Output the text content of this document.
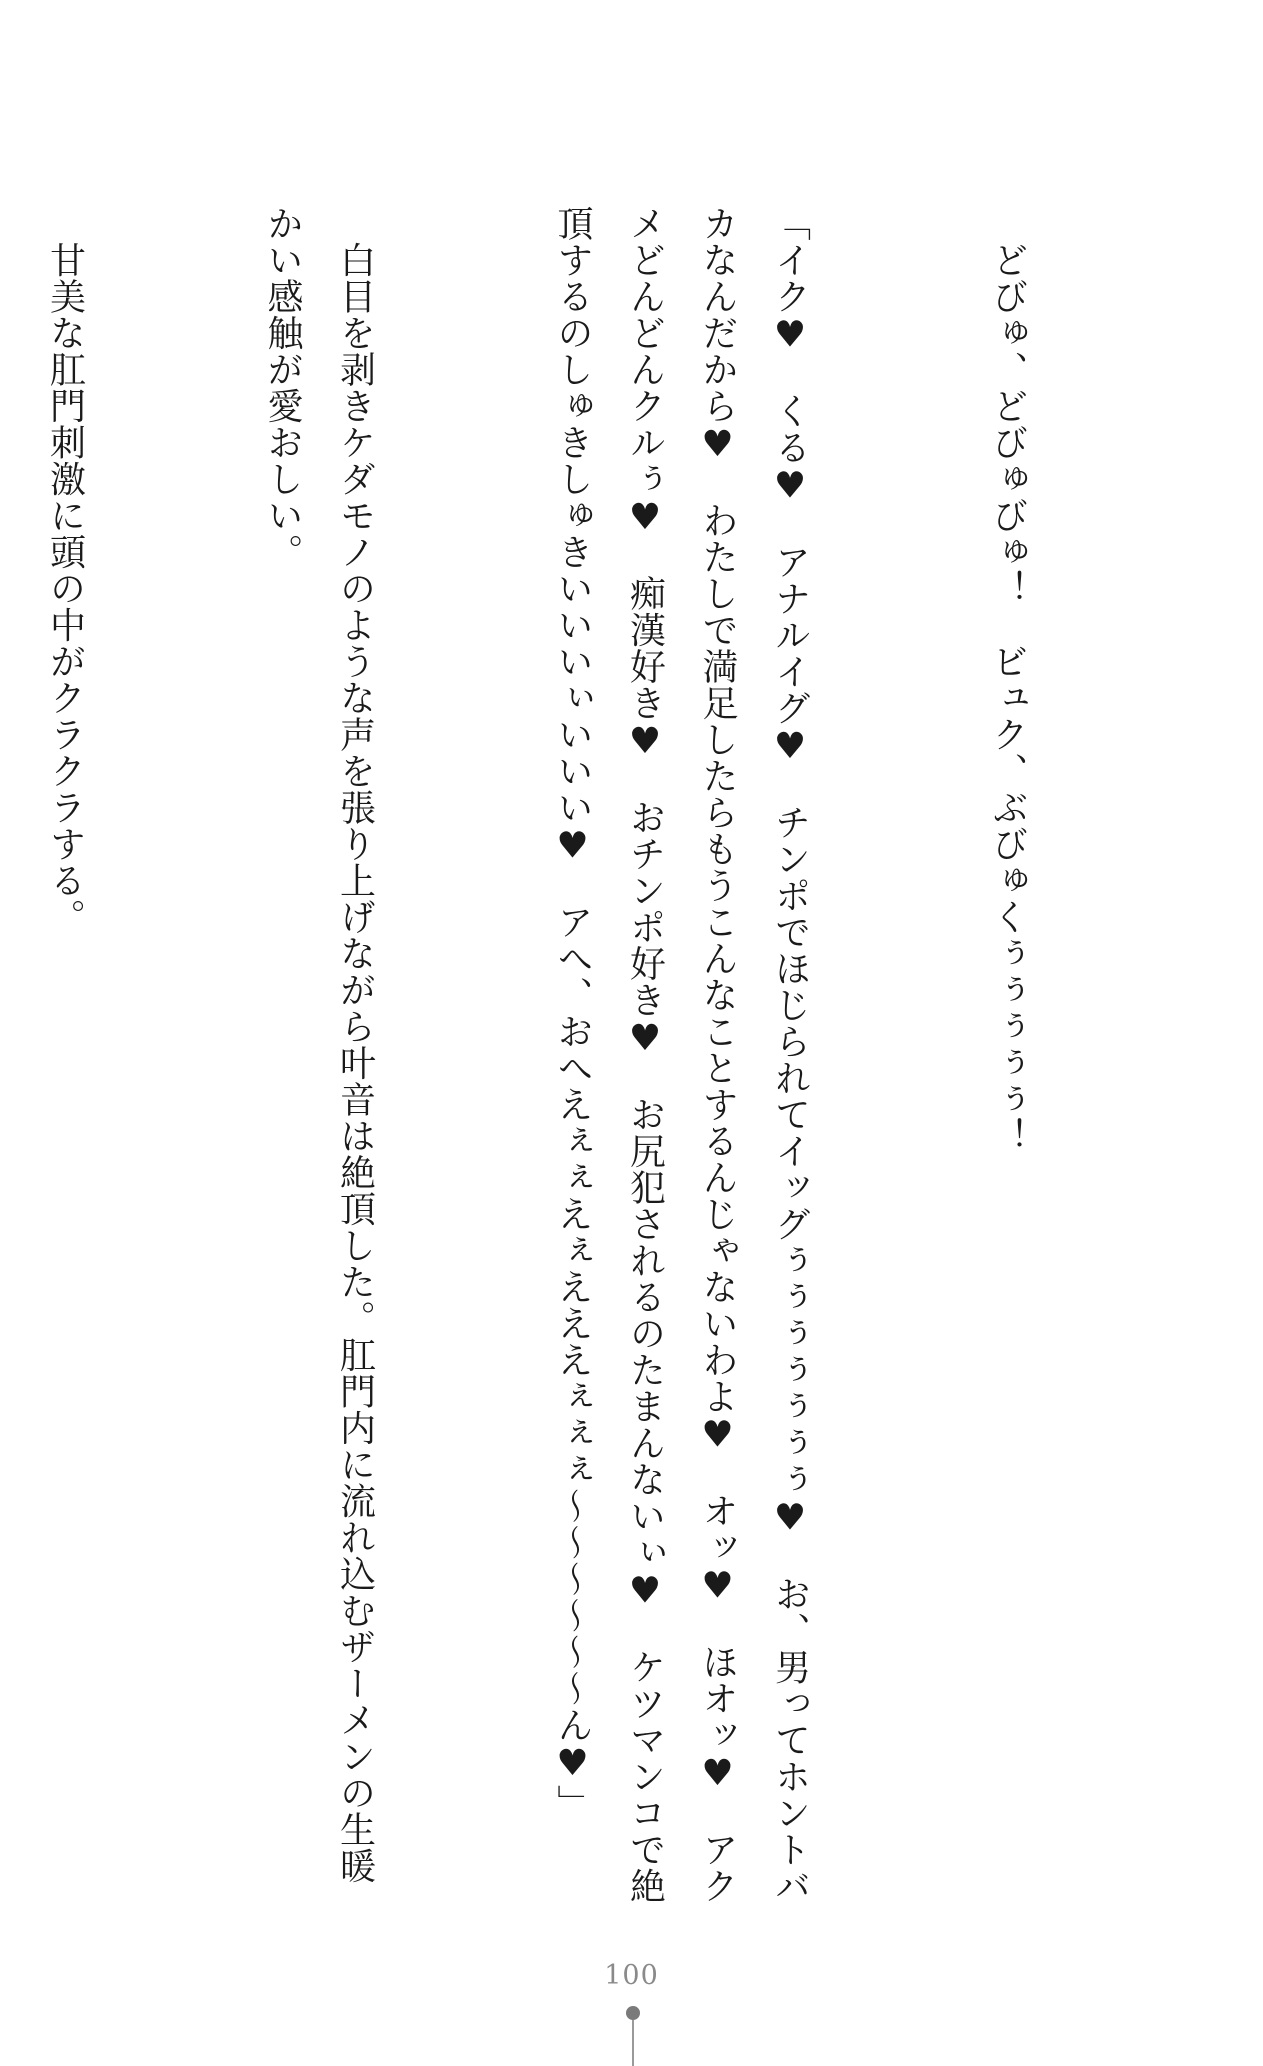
　どびゅ、どびゅびゅ！　ビュク、ぶびゅくぅぅぅぅぅ！

「イク♥　くる♥　アナルイグ♥　チンポでほじられてイッグぅぅぅぅぅぅぅ♥　お、男ってホントバカなんだから♥　わたしで満足したらもうこんなことするんじゃないわよ♥　オッ♥　ほオッ♥　アクメどんどんクルぅ♥　痴漢好き♥　おチンポ好き♥　お尻犯されるのたまんないぃ♥　ケツマンコで絶頂するのしゅきしゅきいいいぃいいい♥　アへ、おへえぇぇえぇえええぇぇぇ〜〜〜〜〜〜ん♥」

　白目を剥きケダモノのような声を張り上げながら叶音は絶頂した。肛門内に流れ込むザーメンの生暖かい感触が愛おしい。

　甘美な肛門刺激に頭の中がクラクラする。

100
